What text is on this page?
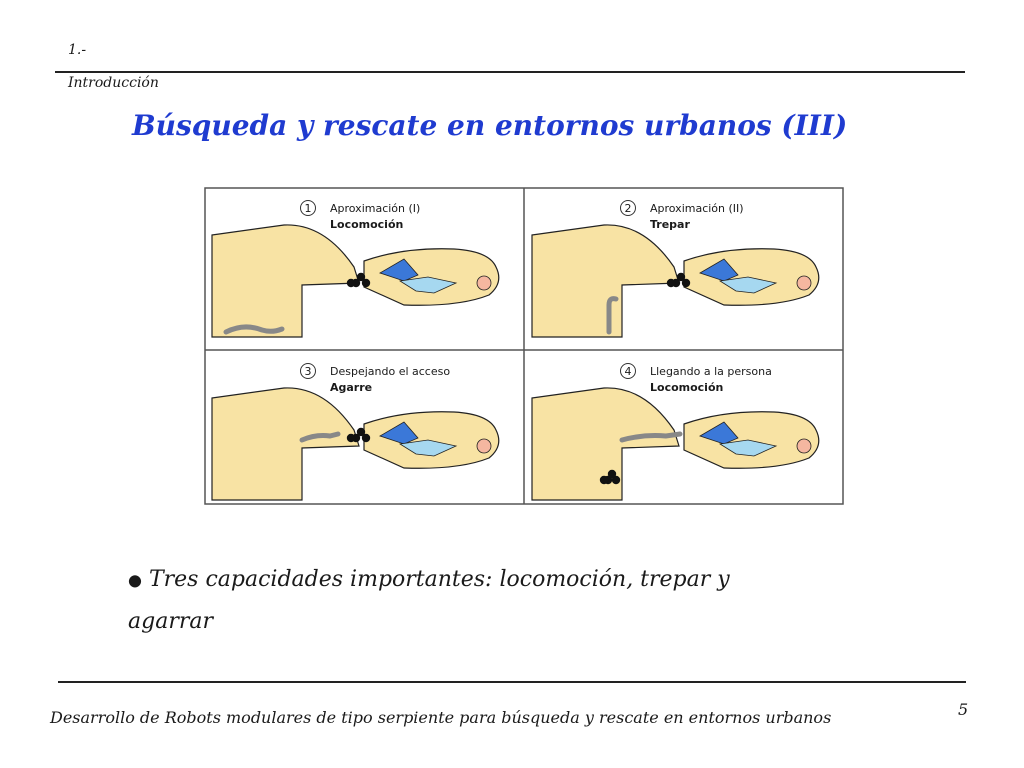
1.-
Introducción
Búsqueda y rescate en entornos urbanos (III)
1 Aproximación (I)
Locomoción
2 Aproximación (II)
Trepar
3 Despejando el acceso
Agarre
4 Llegando a la persona
Locomoción
● Tres capacidades importantes: locomoción, trepar y
agarrar

Desarrollo de Robots modulares de tipo serpiente para búsqueda y rescate en entornos urbanos	5
